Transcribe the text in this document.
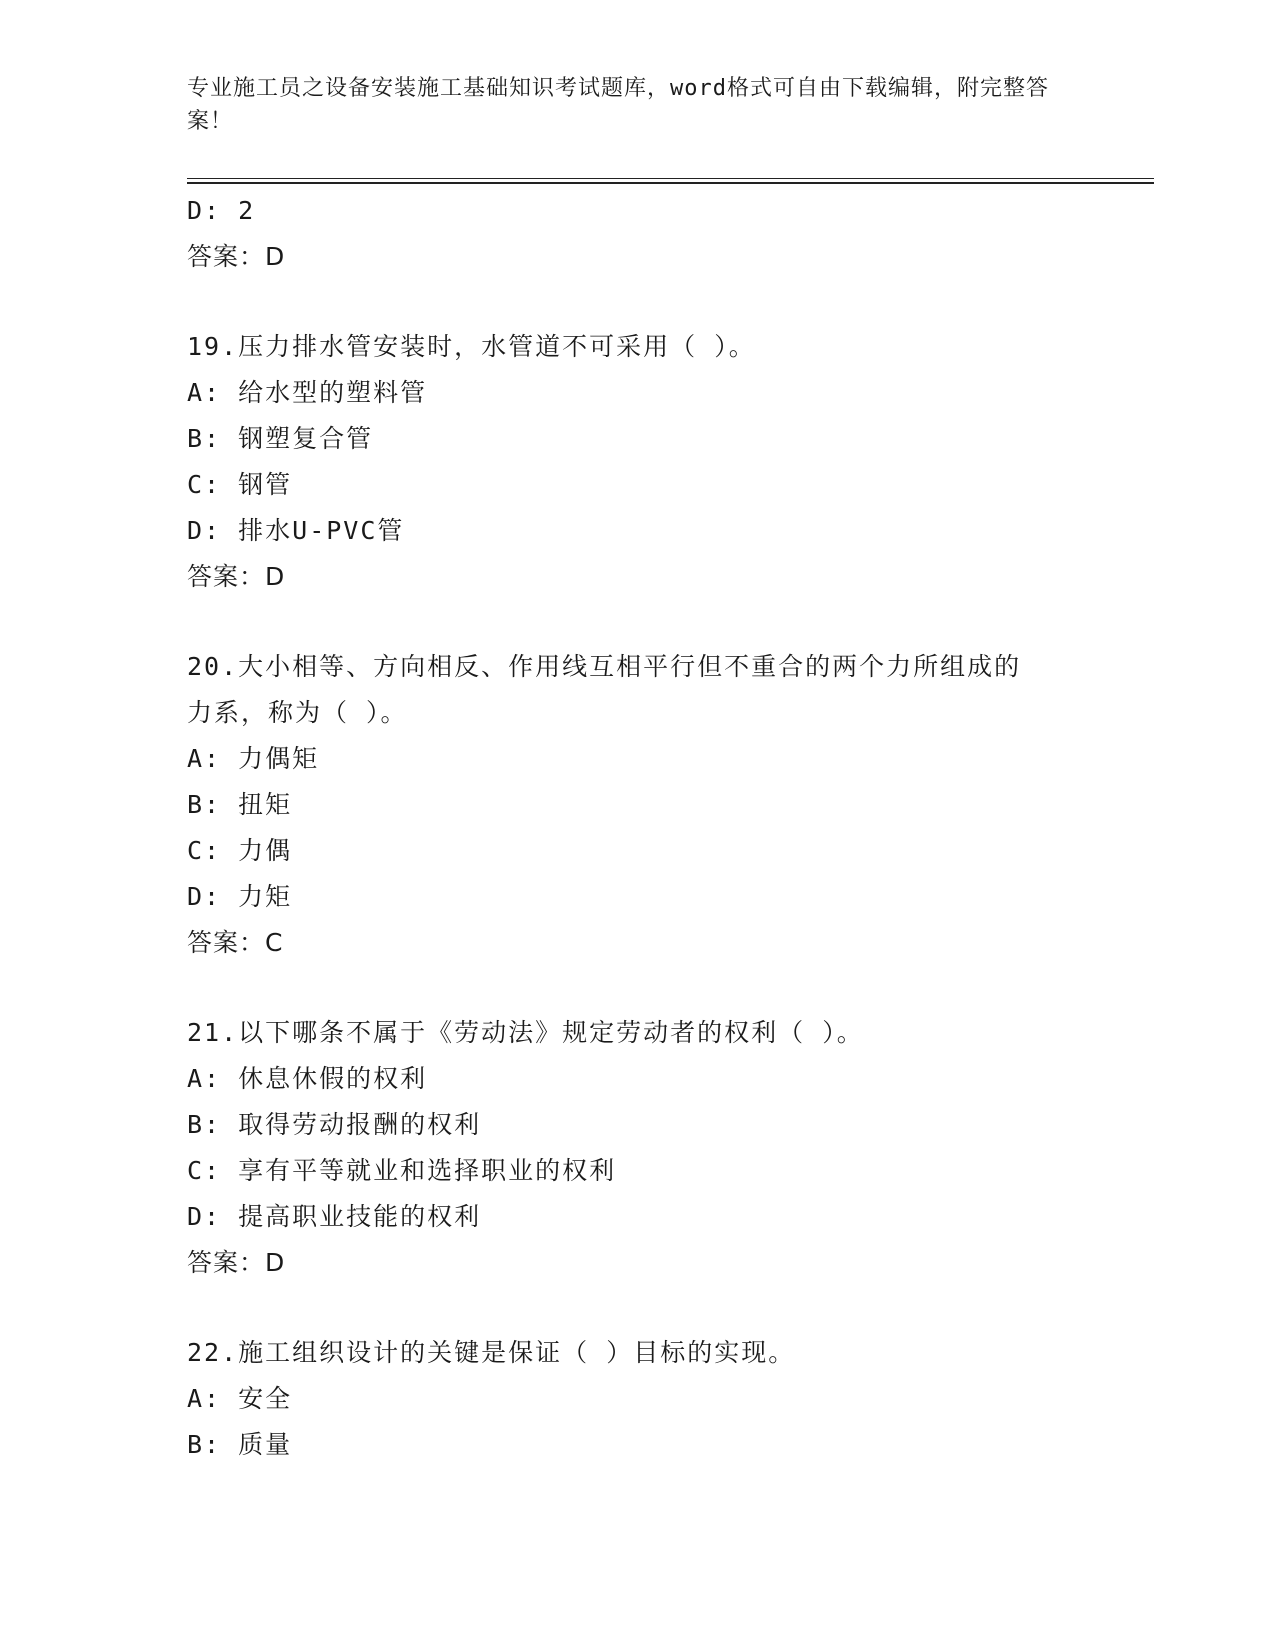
专业施工员之设备安装施工基础知识考试题库，word格式可自由下载编辑，附完整答案！
D: 2
答案：D
19.压力排水管安装时，水管道不可采用（ ）。
A: 给水型的塑料管
B: 钢塑复合管
C: 钢管
D: 排水U-PVC管
答案：D
20.大小相等、方向相反、作用线互相平行但不重合的两个力所组成的
力系，称为（ ）。
A: 力偶矩
B: 扭矩
C: 力偶
D: 力矩
答案：C
21.以下哪条不属于《劳动法》规定劳动者的权利（ ）。
A: 休息休假的权利
B: 取得劳动报酬的权利
C: 享有平等就业和选择职业的权利
D: 提高职业技能的权利
答案：D
22.施工组织设计的关键是保证（ ）目标的实现。
A: 安全
B: 质量
